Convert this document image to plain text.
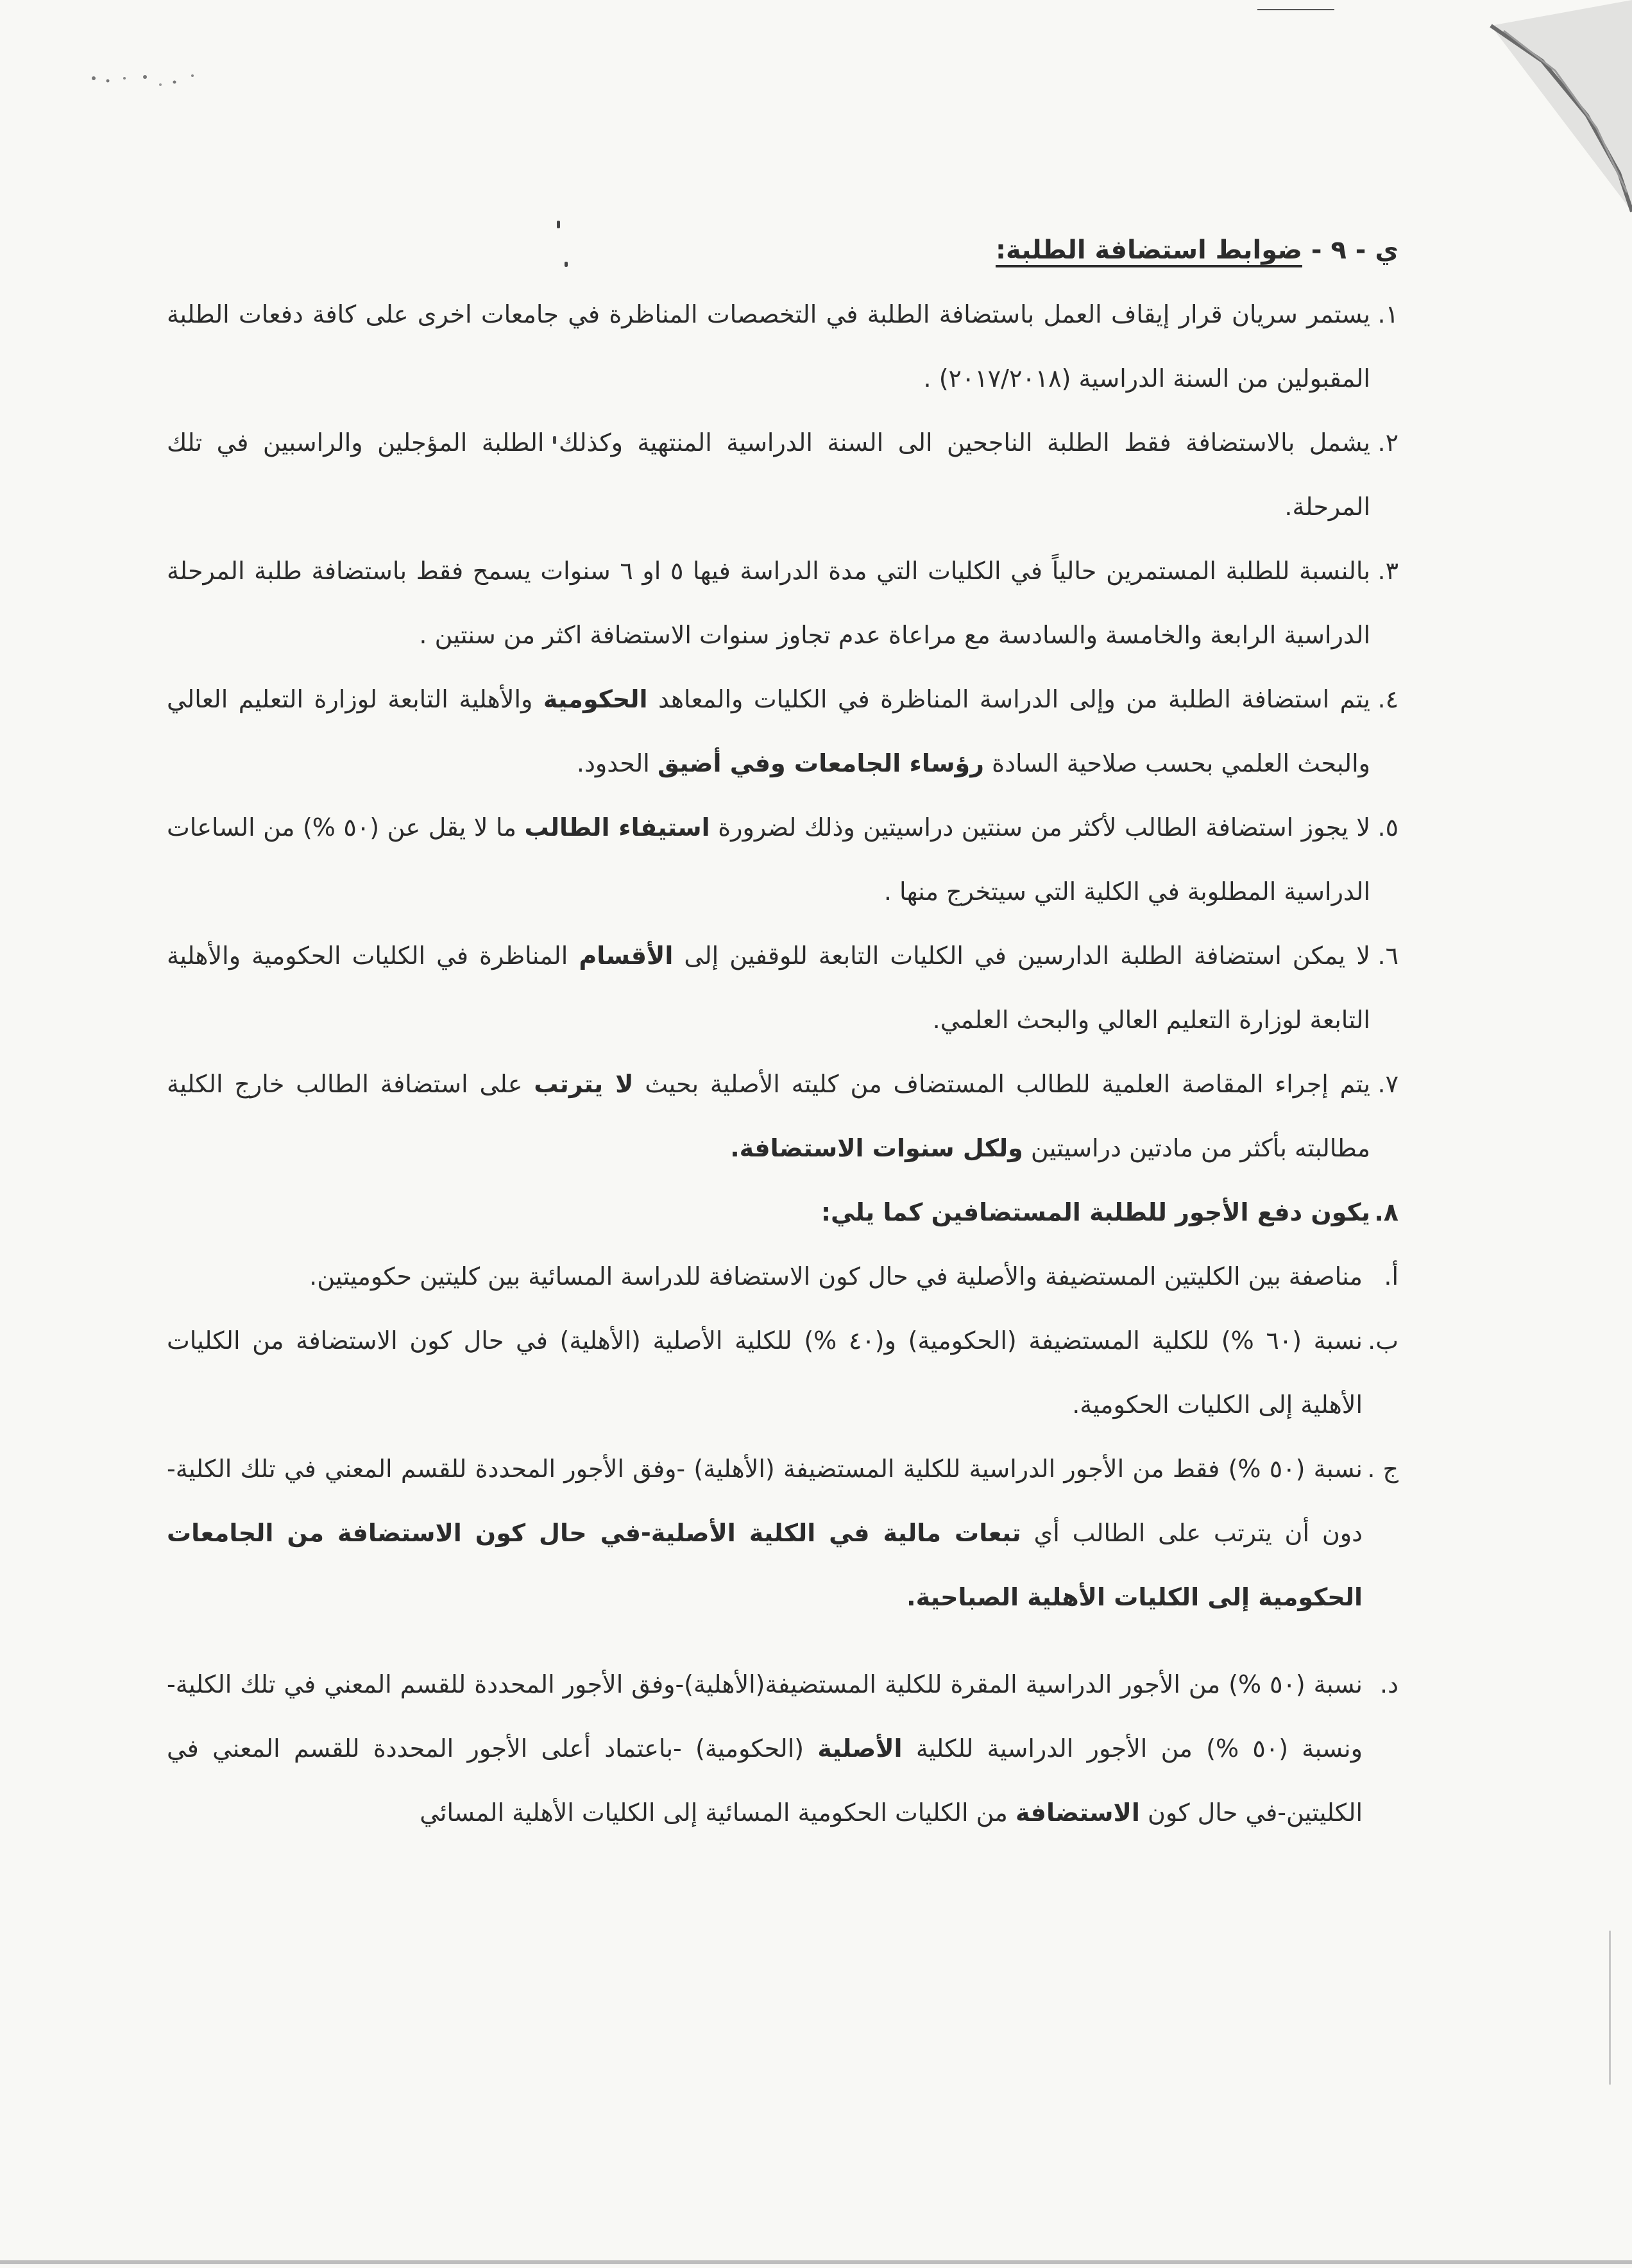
ي - ٩ - ضوابط استضافة الطلبة:

١.
يستمر سريان قرار إيقاف العمل باستضافة الطلبة في التخصصات المناظرة في جامعات اخرى على كافة دفعات الطلبة المقبولين من السنة الدراسية (٢٠١٧/٢٠١٨) .

٢.
يشمل بالاستضافة فقط الطلبة الناجحين الى السنة الدراسية المنتهية وكذلك الطلبة المؤجلين والراسبين في تلك المرحلة.

٣.
بالنسبة للطلبة المستمرين حالياً في الكليات التي مدة الدراسة فيها ٥ او ٦ سنوات يسمح فقط باستضافة طلبة المرحلة الدراسية الرابعة والخامسة والسادسة مع مراعاة عدم تجاوز سنوات الاستضافة اكثر من سنتين .

٤.
يتم استضافة الطلبة من وإلى الدراسة المناظرة في الكليات والمعاهد الحكومية والأهلية التابعة لوزارة التعليم العالي والبحث العلمي بحسب صلاحية السادة رؤساء الجامعات وفي أضيق الحدود.

٥.
لا يجوز استضافة الطالب لأكثر من سنتين دراسيتين وذلك لضرورة استيفاء الطالب ما لا يقل عن (٥٠ %) من الساعات الدراسية المطلوبة في الكلية التي سيتخرج منها .

٦.
لا يمكن استضافة الطلبة الدارسين في الكليات التابعة للوقفين إلى الأقسام المناظرة في الكليات الحكومية والأهلية التابعة لوزارة التعليم العالي والبحث العلمي.

٧.
يتم إجراء المقاصة العلمية للطالب المستضاف من كليته الأصلية بحيث لا يترتب على استضافة الطالب خارج الكلية مطالبته بأكثر من مادتين دراسيتين ولكل سنوات الاستضافة.

٨.
يكون دفع الأجور للطلبة المستضافين كما يلي:

أ.
مناصفة بين الكليتين المستضيفة والأصلية في حال كون الاستضافة للدراسة المسائية بين كليتين حكوميتين.

ب.
نسبة (٦٠ %) للكلية المستضيفة (الحكومية) و(٤٠ %) للكلية الأصلية (الأهلية) في حال كون الاستضافة من الكليات الأهلية إلى الكليات الحكومية.

ج .
نسبة (٥٠ %) فقط من الأجور الدراسية للكلية المستضيفة (الأهلية) -وفق الأجور المحددة للقسم المعني في تلك الكلية-دون أن يترتب على الطالب أي تبعات مالية في الكلية الأصلية-في حال كون الاستضافة من الجامعات الحكومية إلى الكليات الأهلية الصباحية.

د.
نسبة (٥٠ %) من الأجور الدراسية المقرة للكلية المستضيفة(الأهلية)-وفق الأجور المحددة للقسم المعني في تلك الكلية-ونسبة (٥٠ %) من الأجور الدراسية للكلية الأصلية (الحكومية) -باعتماد أعلى الأجور المحددة للقسم المعني في الكليتين-في حال كون الاستضافة من الكليات الحكومية المسائية إلى الكليات الأهلية المسائي
